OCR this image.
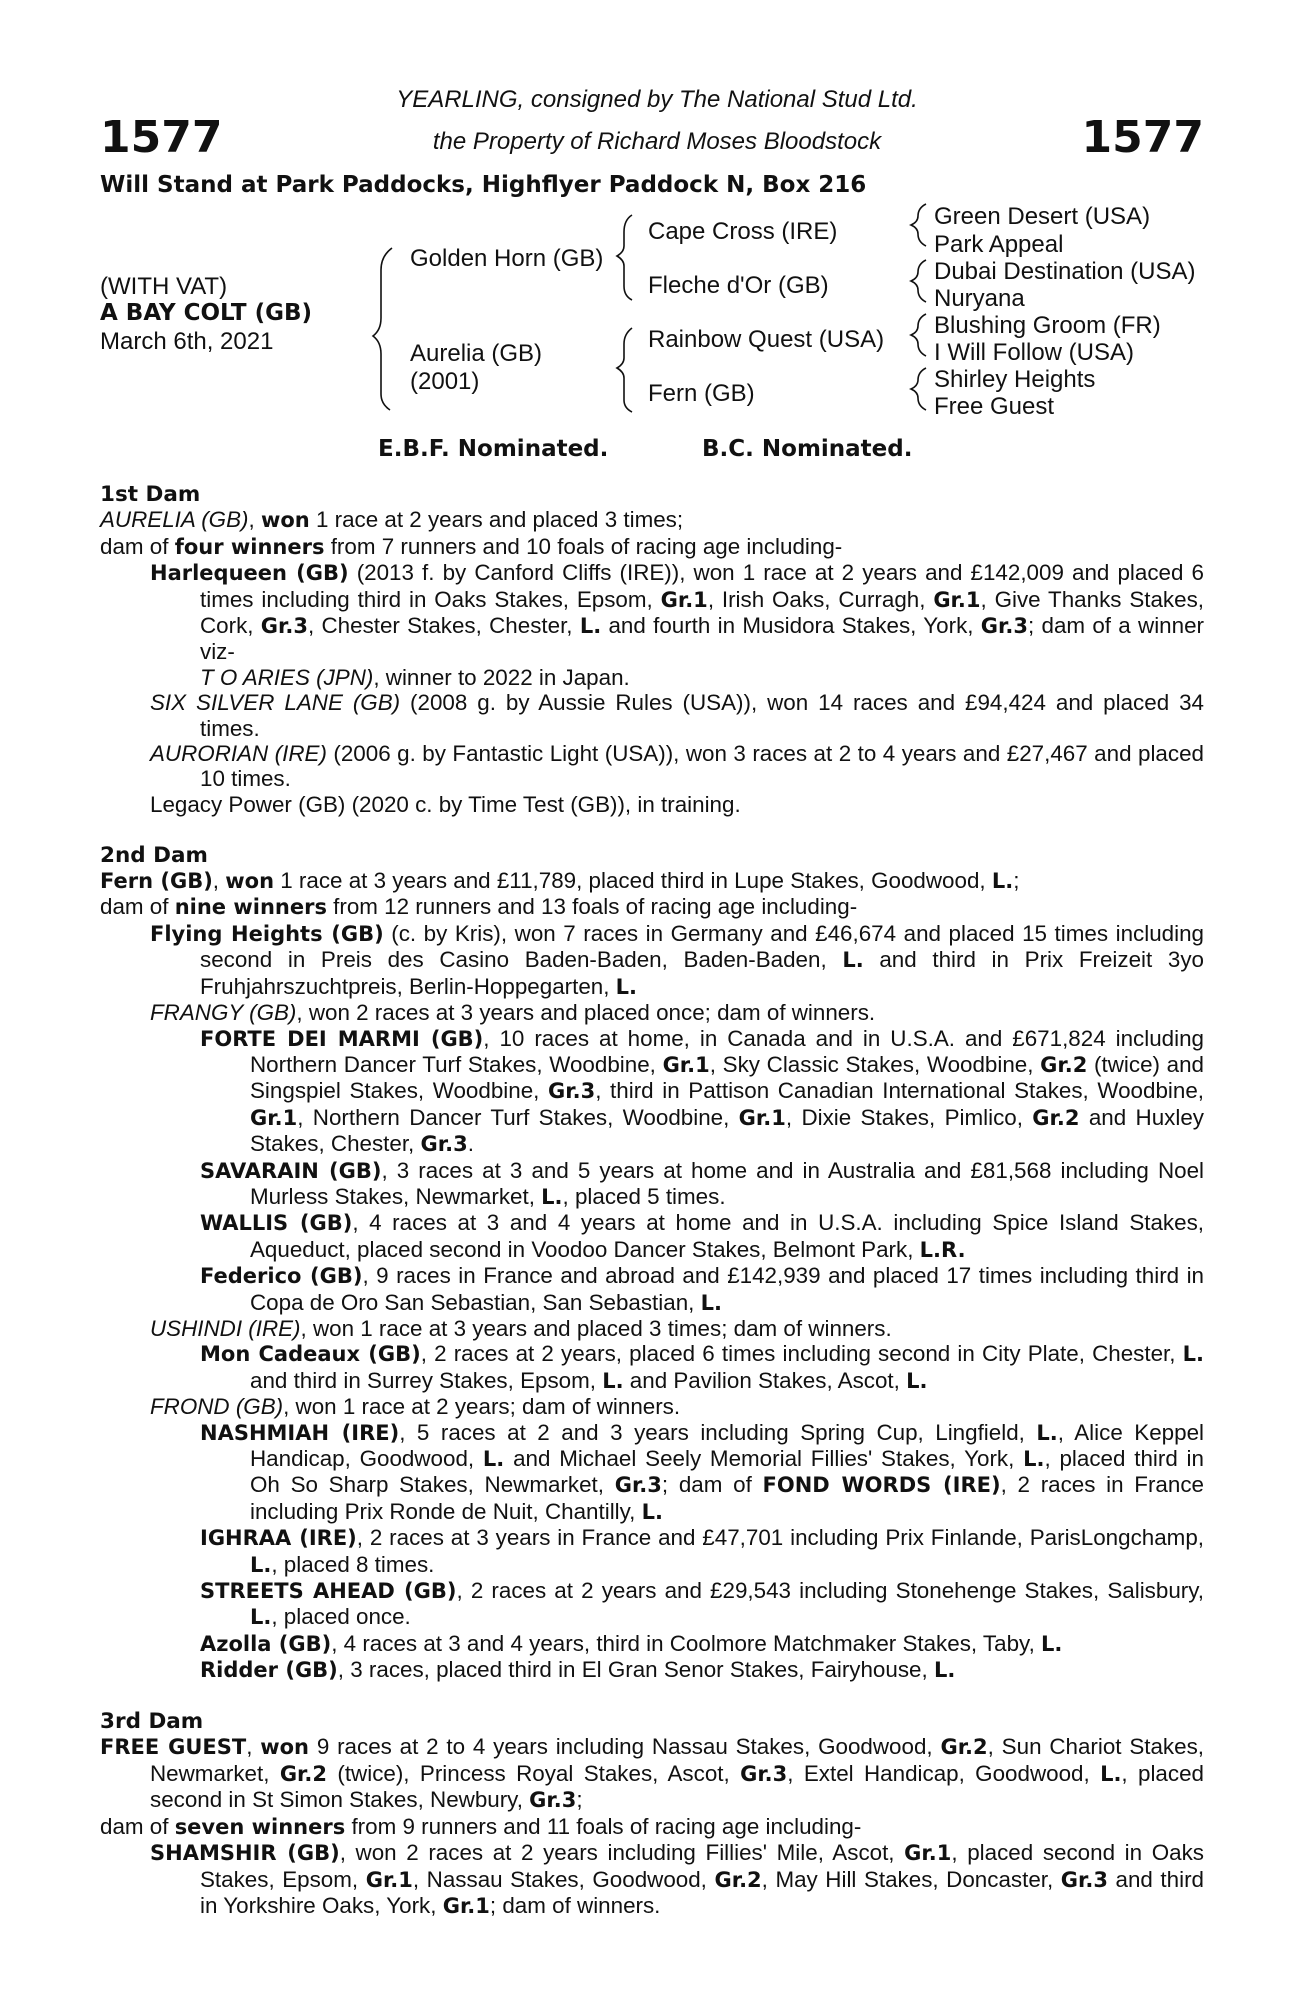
1577	1577
YEARLING, consigned by The National Stud Ltd.
the Property of Richard Moses Bloodstock
Will Stand at Park Paddocks, Highflyer Paddock N, Box 216
(WITH VAT)
A BAY COLT (GB)
March 6th, 2021
Golden Horn (GB)
Aurelia (GB)
(2001)
Cape Cross (IRE)
Fleche d'Or (GB)
Rainbow Quest (USA)
Fern (GB)
Green Desert (USA)
Park Appeal
Dubai Destination (USA)
Nuryana
Blushing Groom (FR)
I Will Follow (USA)
Shirley Heights
Free Guest
E.B.F. Nominated.	B.C. Nominated.
1st Dam

AURELIA (GB), won 1 race at 2 years and placed 3 times;

dam of four winners from 7 runners and 10 foals of racing age including-

Harlequeen (GB) (2013 f. by Canford Cliffs (IRE)), won 1 race at 2 years and £142,009 and placed 6 times including third in Oaks Stakes, Epsom, Gr.1, Irish Oaks, Curragh, Gr.1, Give Thanks Stakes, Cork, Gr.3, Chester Stakes, Chester, L. and fourth in Musidora Stakes, York, Gr.3; dam of a winner viz-

T O ARIES (JPN), winner to 2022 in Japan.

SIX SILVER LANE (GB) (2008 g. by Aussie Rules (USA)), won 14 races and £94,424 and placed 34 times.

AURORIAN (IRE) (2006 g. by Fantastic Light (USA)), won 3 races at 2 to 4 years and £27,467 and placed 10 times.

Legacy Power (GB) (2020 c. by Time Test (GB)), in training.

2nd Dam

Fern (GB), won 1 race at 3 years and £11,789, placed third in Lupe Stakes, Goodwood, L.;

dam of nine winners from 12 runners and 13 foals of racing age including-

Flying Heights (GB) (c. by Kris), won 7 races in Germany and £46,674 and placed 15 times including second in Preis des Casino Baden-Baden, Baden-Baden, L. and third in Prix Freizeit 3yo Fruhjahrszuchtpreis, Berlin-Hoppegarten, L.

FRANGY (GB), won 2 races at 3 years and placed once; dam of winners.

FORTE DEI MARMI (GB), 10 races at home, in Canada and in U.S.A. and £671,824 including Northern Dancer Turf Stakes, Woodbine, Gr.1, Sky Classic Stakes, Woodbine, Gr.2 (twice) and Singspiel Stakes, Woodbine, Gr.3, third in Pattison Canadian International Stakes, Woodbine, Gr.1, Northern Dancer Turf Stakes, Woodbine, Gr.1, Dixie Stakes, Pimlico, Gr.2 and Huxley Stakes, Chester, Gr.3.

SAVARAIN (GB), 3 races at 3 and 5 years at home and in Australia and £81,568 including Noel Murless Stakes, Newmarket, L., placed 5 times.

WALLIS (GB), 4 races at 3 and 4 years at home and in U.S.A. including Spice Island Stakes, Aqueduct, placed second in Voodoo Dancer Stakes, Belmont Park, L.R.

Federico (GB), 9 races in France and abroad and £142,939 and placed 17 times including third in Copa de Oro San Sebastian, San Sebastian, L.

USHINDI (IRE), won 1 race at 3 years and placed 3 times; dam of winners.

Mon Cadeaux (GB), 2 races at 2 years, placed 6 times including second in City Plate, Chester, L. and third in Surrey Stakes, Epsom, L. and Pavilion Stakes, Ascot, L.

FROND (GB), won 1 race at 2 years; dam of winners.

NASHMIAH (IRE), 5 races at 2 and 3 years including Spring Cup, Lingfield, L., Alice Keppel Handicap, Goodwood, L. and Michael Seely Memorial Fillies' Stakes, York, L., placed third in Oh So Sharp Stakes, Newmarket, Gr.3; dam of FOND WORDS (IRE), 2 races in France including Prix Ronde de Nuit, Chantilly, L.

IGHRAA (IRE), 2 races at 3 years in France and £47,701 including Prix Finlande, ParisLongchamp, L., placed 8 times.

STREETS AHEAD (GB), 2 races at 2 years and £29,543 including Stonehenge Stakes, Salisbury, L., placed once.

Azolla (GB), 4 races at 3 and 4 years, third in Coolmore Matchmaker Stakes, Taby, L.

Ridder (GB), 3 races, placed third in El Gran Senor Stakes, Fairyhouse, L.

3rd Dam

FREE GUEST, won 9 races at 2 to 4 years including Nassau Stakes, Goodwood, Gr.2, Sun Chariot Stakes, Newmarket, Gr.2 (twice), Princess Royal Stakes, Ascot, Gr.3, Extel Handicap, Goodwood, L., placed second in St Simon Stakes, Newbury, Gr.3;

dam of seven winners from 9 runners and 11 foals of racing age including-

SHAMSHIR (GB), won 2 races at 2 years including Fillies' Mile, Ascot, Gr.1, placed second in Oaks Stakes, Epsom, Gr.1, Nassau Stakes, Goodwood, Gr.2, May Hill Stakes, Doncaster, Gr.3 and third in Yorkshire Oaks, York, Gr.1; dam of winners.
